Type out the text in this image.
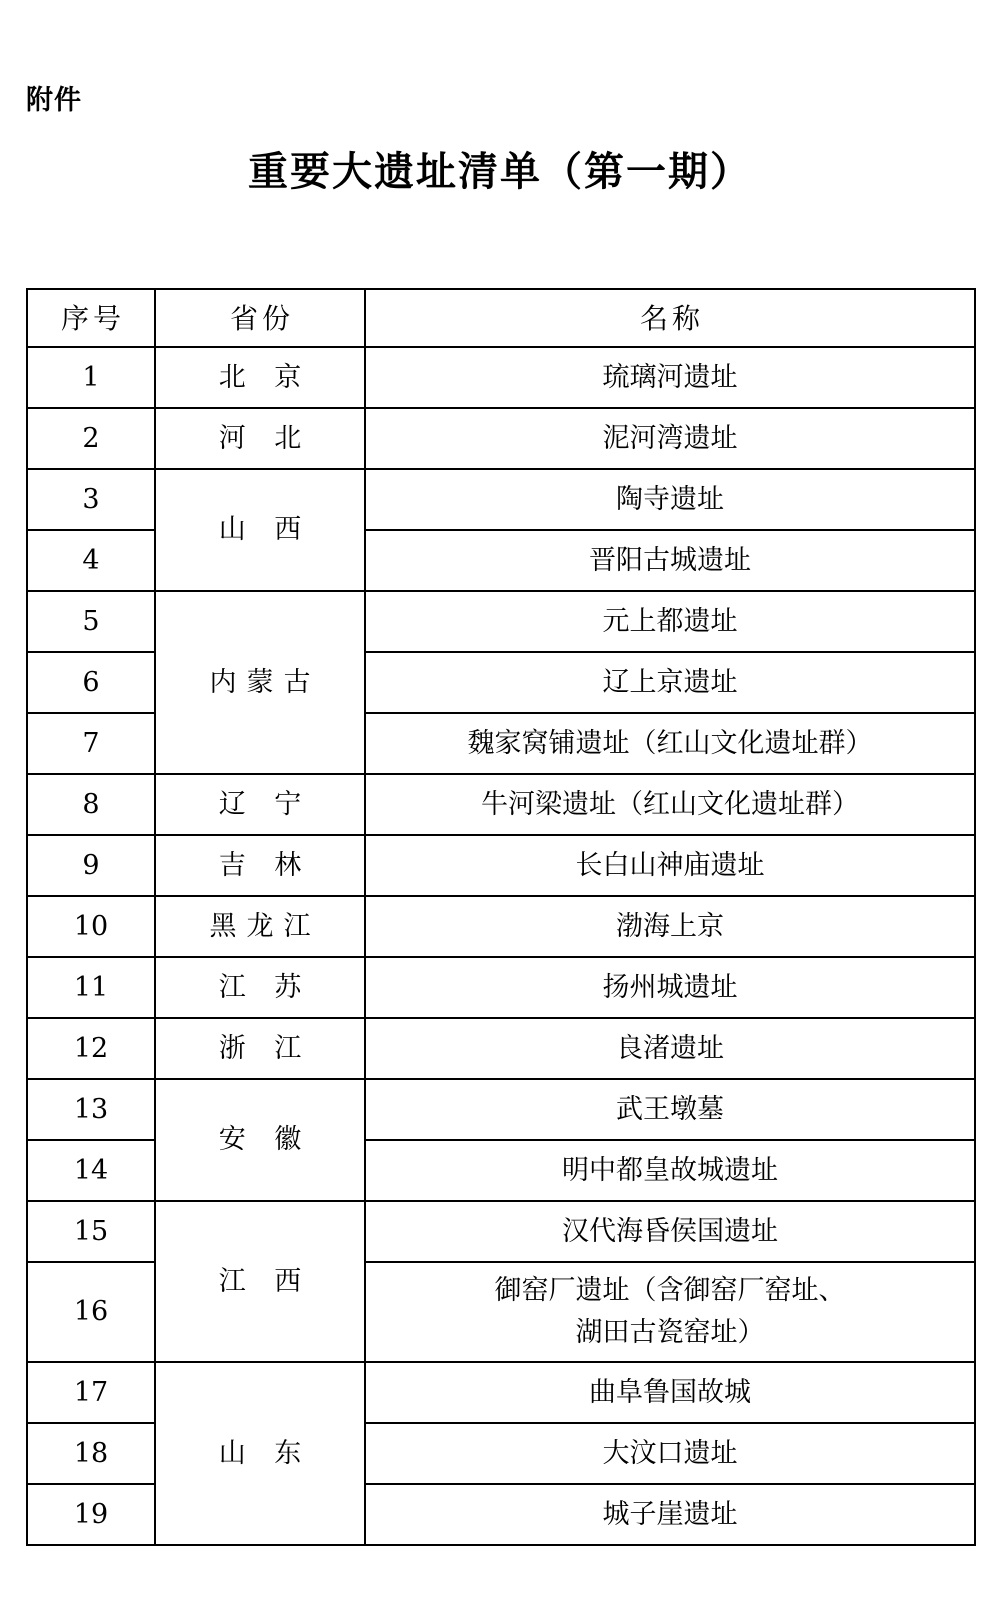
附件
重要大遗址清单（第一期）
序号	省份	名称
1	北 京	琉璃河遗址
2	河 北	泥河湾遗址
3	山 西	陶寺遗址
4		晋阳古城遗址
5	内蒙古	元上都遗址
6		辽上京遗址
7		魏家窝铺遗址（红山文化遗址群）
8	辽 宁	牛河梁遗址（红山文化遗址群）
9	吉 林	长白山神庙遗址
10	黑龙江	渤海上京
11	江 苏	扬州城遗址
12	浙 江	良渚遗址
13	安 徽	武王墩墓
14		明中都皇故城遗址
15	江 西	汉代海昏侯国遗址
16		御窑厂遗址（含御窑厂窑址、
湖田古瓷窑址）
17	山 东	曲阜鲁国故城
18		大汶口遗址
19		城子崖遗址
